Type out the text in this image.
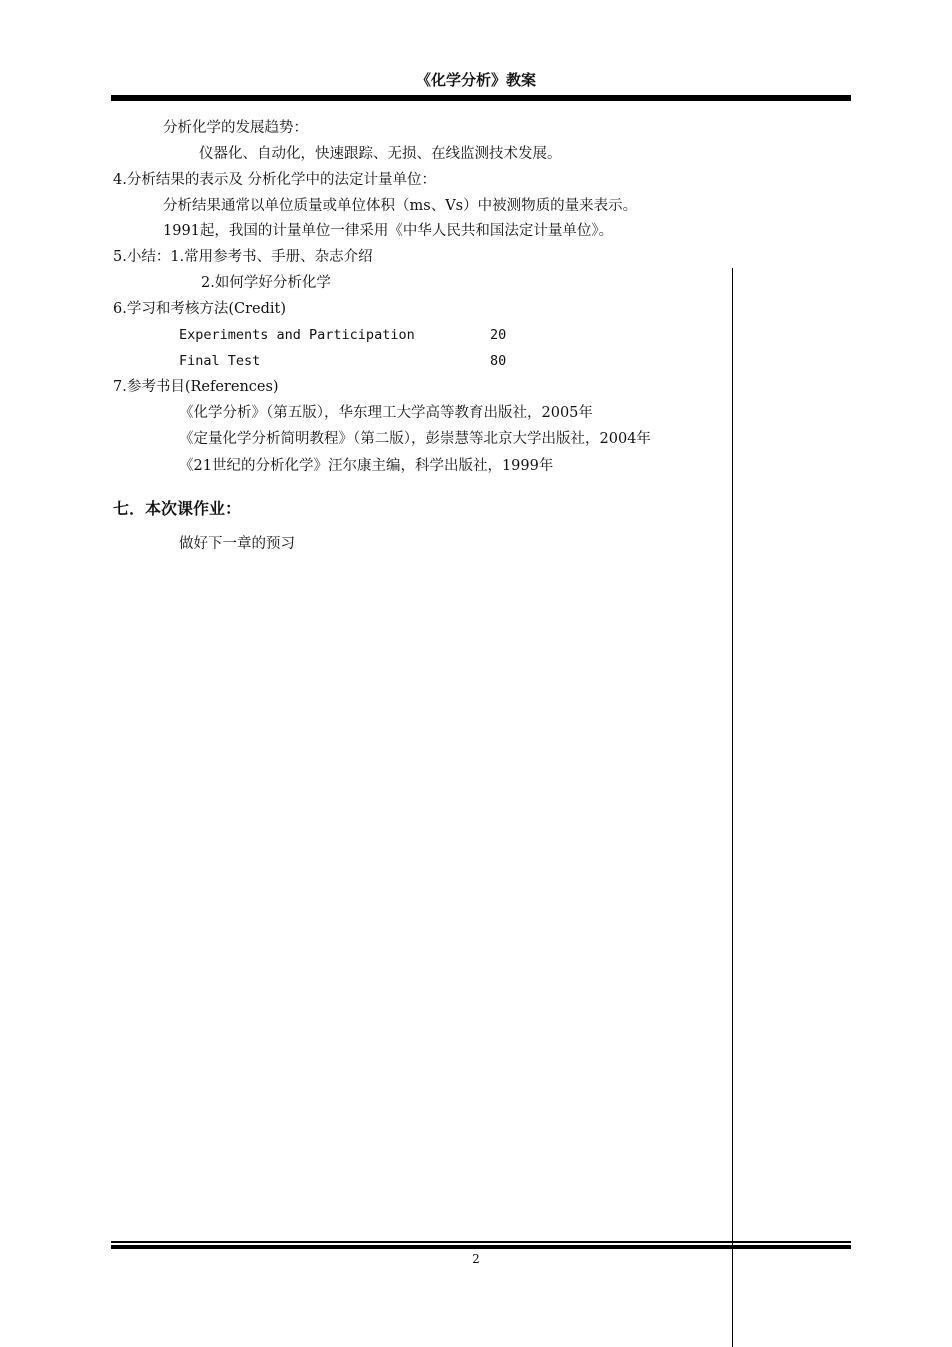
《化学分析》教案
分析化学的发展趋势：
仪器化、自动化，快速跟踪、无损、在线监测技术发展。
4.分析结果的表示及 分析化学中的法定计量单位：
分析结果通常以单位质量或单位体积（ms、Vs）中被测物质的量来表示。
1991起，我国的计量单位一律采用《中华人民共和国法定计量单位》。
5.小结：1.常用参考书、手册、杂志介绍
2.如何学好分析化学
6.学习和考核方法(Credit)
Experiments and Participation	20
Final Test	80
7.参考书目(References)
《化学分析》（第五版），华东理工大学高等教育出版社，2005年
《定量化学分析简明教程》（第二版），彭崇慧等北京大学出版社，2004年
《21世纪的分析化学》汪尔康主编，科学出版社，1999年
七．本次课作业：
做好下一章的预习
2
